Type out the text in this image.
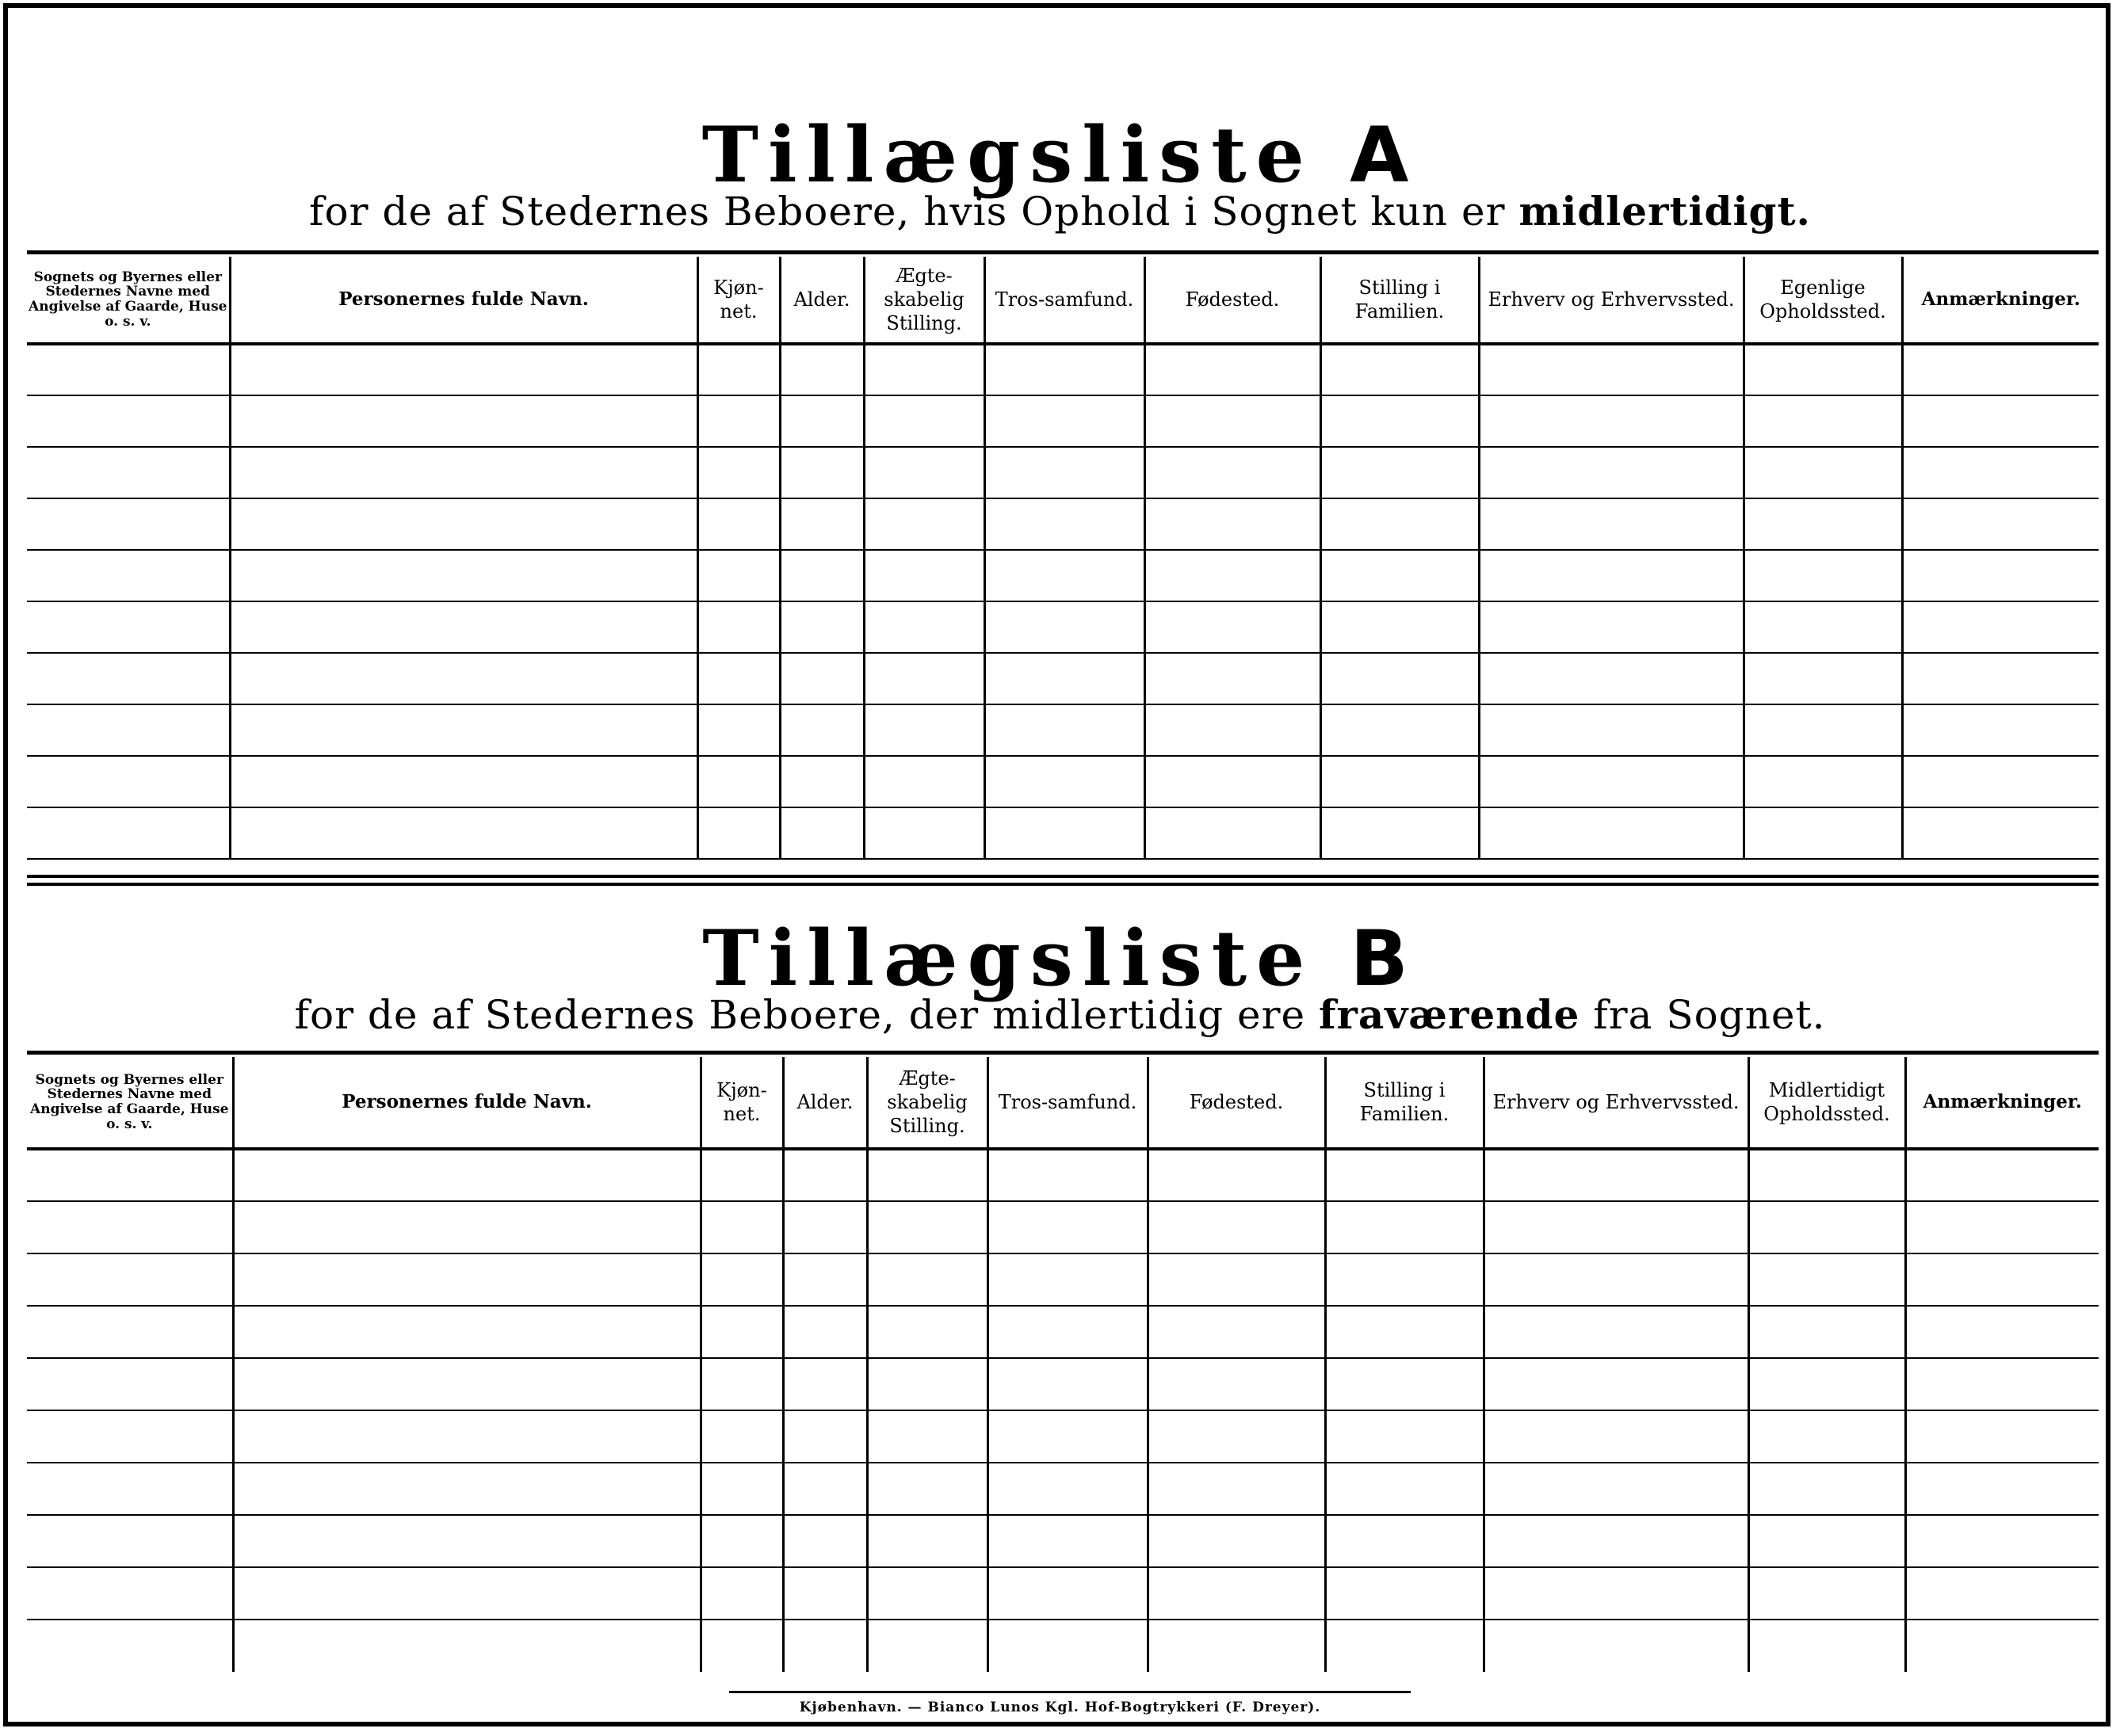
Tillægsliste A
for de af Stedernes Beboere, hvis Ophold i Sognet kun er midlertidigt.
Sognets og Byernes eller Stedernes Navne med Angivelse af Gaarde, Huse o. s. v.	Personernes fulde Navn.	Kjøn-net.	Alder.	Ægte-skabelig Stilling.	Tros-samfund.	Fødested.	Stilling i Familien.	Erhverv og Erhvervssted.	Egenlige Opholdssted.	Anmærkninger.

Tillægsliste B
for de af Stedernes Beboere, der midlertidig ere fraværende fra Sognet.
Sognets og Byernes eller Stedernes Navne med Angivelse af Gaarde, Huse o. s. v.	Personernes fulde Navn.	Kjøn-net.	Alder.	Ægte-skabelig Stilling.	Tros-samfund.	Fødested.	Stilling i Familien.	Erhverv og Erhvervssted.	Midlertidigt Opholdssted.	Anmærkninger.

Kjøbenhavn. — Bianco Lunos Kgl. Hof-Bogtrykkeri (F. Dreyer).
